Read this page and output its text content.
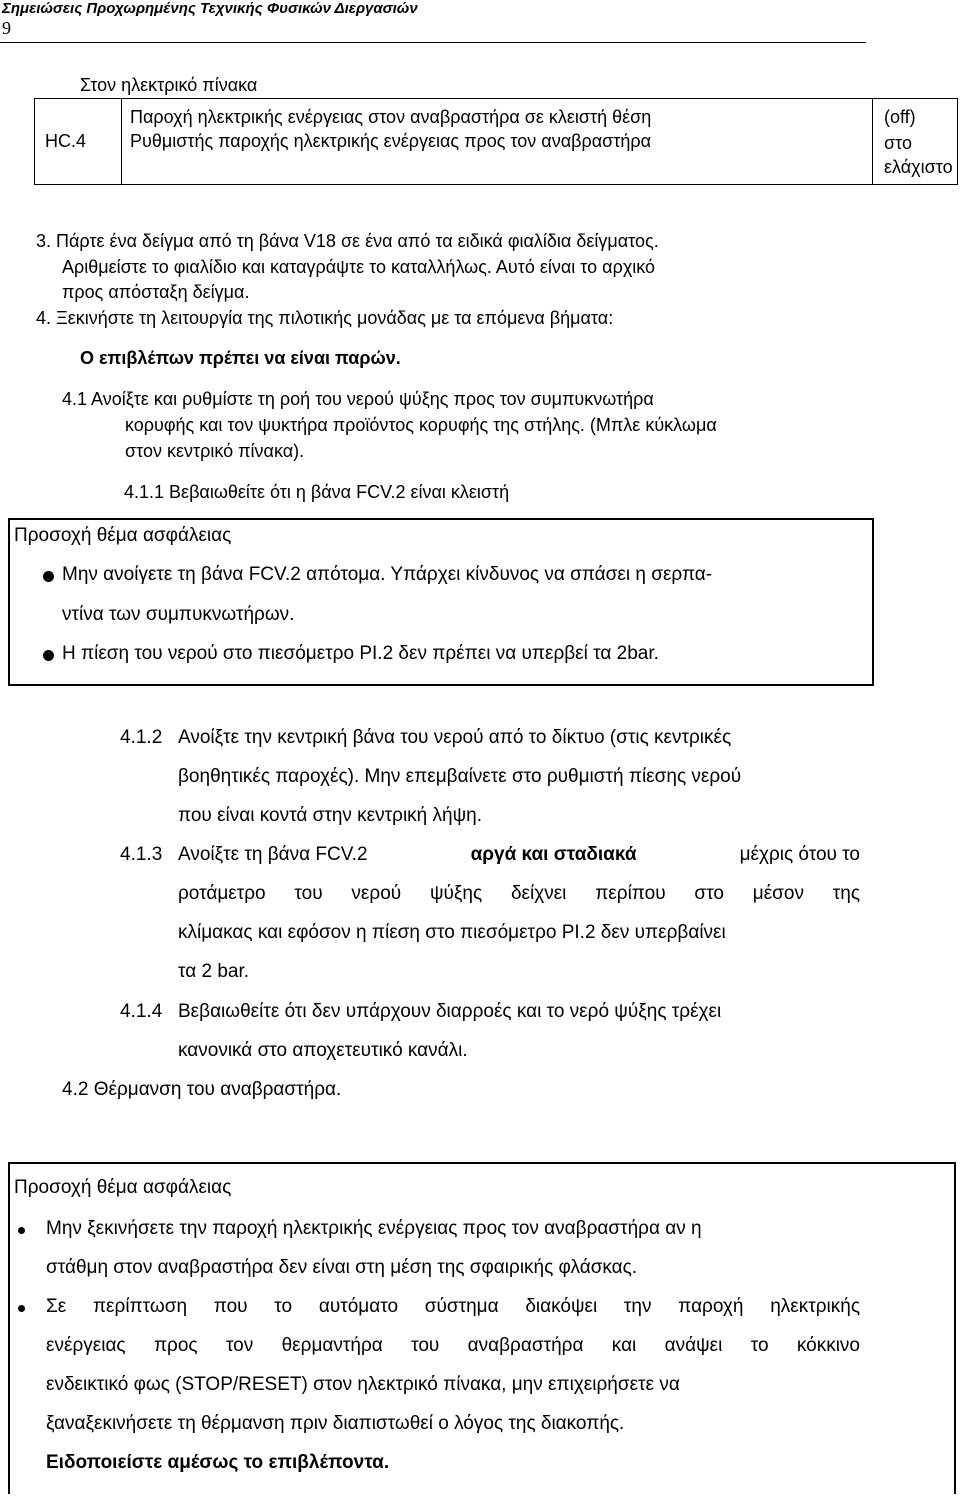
Σημειώσεις Προχωρημένης Τεχνικής Φυσικών Διεργασιών
9
Στον ηλεκτρικό πίνακα
HC.4
Παροχή ηλεκτρικής ενέργειας στον αναβραστήρα σε κλειστή θέση
Ρυθμιστής παροχής ηλεκτρικής ενέργειας προς τον αναβραστήρα
(off)
στο
ελάχιστο
3. Πάρτε ένα δείγμα από τη βάνα V18 σε ένα από τα ειδικά φιαλίδια δείγματος.
Αριθμείστε το φιαλίδιο και καταγράψτε το καταλλήλως. Αυτό είναι το αρχικό
προς απόσταξη δείγμα.
4. Ξεκινήστε τη λειτουργία της πιλοτικής μονάδας με τα επόμενα βήματα:
Ο επιβλέπων πρέπει να είναι παρών.
4.1 Ανοίξτε και ρυθμίστε τη ροή του νερού ψύξης προς τον συμπυκνωτήρα
κορυφής και τον ψυκτήρα προϊόντος κορυφής της στήλης. (Μπλε κύκλωμα
στον κεντρικό πίνακα).
4.1.1 Βεβαιωθείτε ότι η βάνα FCV.2 είναι κλειστή
Προσοχή θέμα ασφάλειας
Μην ανοίγετε τη βάνα FCV.2 απότομα. Υπάρχει κίνδυνος να σπάσει η σερπα-
ντίνα των συμπυκνωτήρων.
Η πίεση του νερού στο πιεσόμετρο PI.2 δεν πρέπει να υπερβεί τα 2bar.
4.1.2 Ανοίξτε την κεντρική βάνα του νερού από το δίκτυο (στις κεντρικές
βοηθητικές παροχές). Μην επεμβαίνετε στο ρυθμιστή πίεσης νερού
που είναι κοντά στην κεντρική λήψη.
4.1.3 Ανοίξτε τη βάνα FCV.2	αργά και σταδιακά	μέχρις ότου το
ροτάμετρο του νερού ψύξης δείχνει περίπου στο μέσον της
κλίμακας και εφόσον η πίεση στο πιεσόμετρο PI.2 δεν υπερβαίνει
τα 2 bar.
4.1.4 Βεβαιωθείτε ότι δεν υπάρχουν διαρροές και το νερό ψύξης τρέχει
κανονικά στο αποχετευτικό κανάλι.
4.2 Θέρμανση του αναβραστήρα.
Προσοχή θέμα ασφάλειας
Μην ξεκινήσετε την παροχή ηλεκτρικής ενέργειας προς τον αναβραστήρα αν η
στάθμη στον αναβραστήρα δεν είναι στη μέση της σφαιρικής φλάσκας.
Σε περίπτωση που το αυτόματο σύστημα διακόψει την παροχή ηλεκτρικής
ενέργειας προς τον θερμαντήρα του αναβραστήρα και ανάψει το κόκκινο
ενδεικτικό φως (STOP/RESET) στον ηλεκτρικό πίνακα, μην επιχειρήσετε να
ξαναξεκινήσετε τη θέρμανση πριν διαπιστωθεί ο λόγος της διακοπής.
Ειδοποιείστε αμέσως το επιβλέποντα.
